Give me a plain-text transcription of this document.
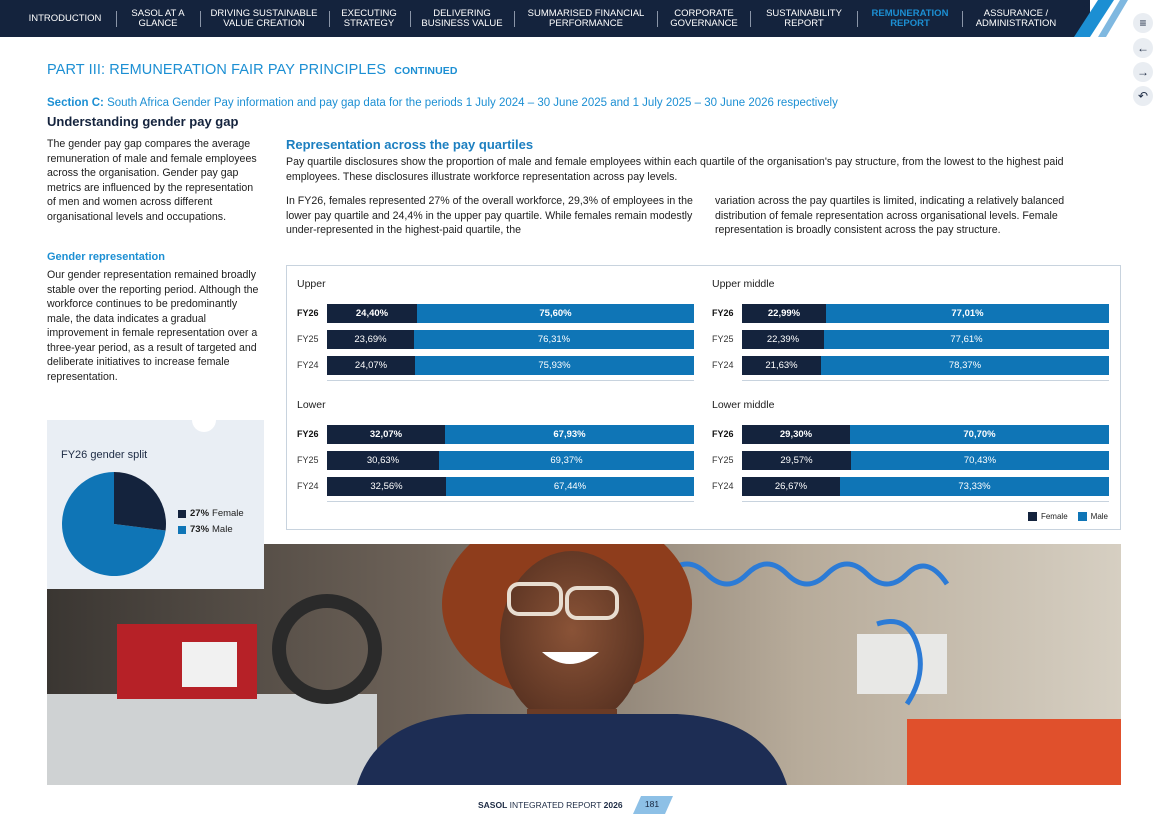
INTRODUCTION	SASOL AT A
GLANCE
DRIVING SUSTAINABLE
VALUE CREATION
EXECUTING
STRATEGY
DELIVERING
BUSINESS VALUE
SUMMARISED FINANCIAL
PERFORMANCE
CORPORATE
GOVERNANCE
SUSTAINABILITY
REPORT
REMUNERATION
REPORT
ASSURANCE /
ADMINISTRATION	≡
←
→
↶
PART III: REMUNERATION FAIR PAY PRINCIPLES CONTINUED
Section C: South Africa Gender Pay information and pay gap data for the periods 1 July 2024 – 30 June 2025 and 1 July 2025 – 30 June 2026 respectively
Understanding gender pay gap
The gender pay gap compares the average remuneration of male and female employees across the organisation. Gender pay gap metrics are influenced by the representation of men and women across different organisational levels and occupations.
Gender representation
Our gender representation remained broadly stable over the reporting period. Although the workforce continues to be predominantly male, the data indicates a gradual improvement in female representation over a three-year period, as a result of targeted and deliberate initiatives to increase female representation.
Representation across the pay quartiles
Pay quartile disclosures show the proportion of male and female employees within each quartile of the organisation's pay structure, from the lowest to the highest paid employees. These disclosures illustrate workforce representation across pay levels.
In FY26, females represented 27% of the overall workforce, 29,3% of employees in the lower pay quartile and 24,4% in the upper pay quartile. While females remain modestly under-represented in the highest-paid quartile, the
variation across the pay quartiles is limited, indicating a relatively balanced distribution of female representation across organisational levels. Female representation is broadly consistent across the pay structure.
Upper
FY26	24,40%	75,60%
FY25	23,69%	76,31%
FY24	24,07%	75,93%
Upper middle
FY26	22,99%	77,01%
FY25	22,39%	77,61%
FY24	21,63%	78,37%
Lower
FY26	32,07%	67,93%
FY25	30,63%	69,37%
FY24	32,56%	67,44%
Lower middle
FY26	29,30%	70,70%
FY25	29,57%	70,43%
FY24	26,67%	73,33%
Female	Male
FY26 gender split
27% Female
73% Male
SASOL INTEGRATED REPORT 2026	181
